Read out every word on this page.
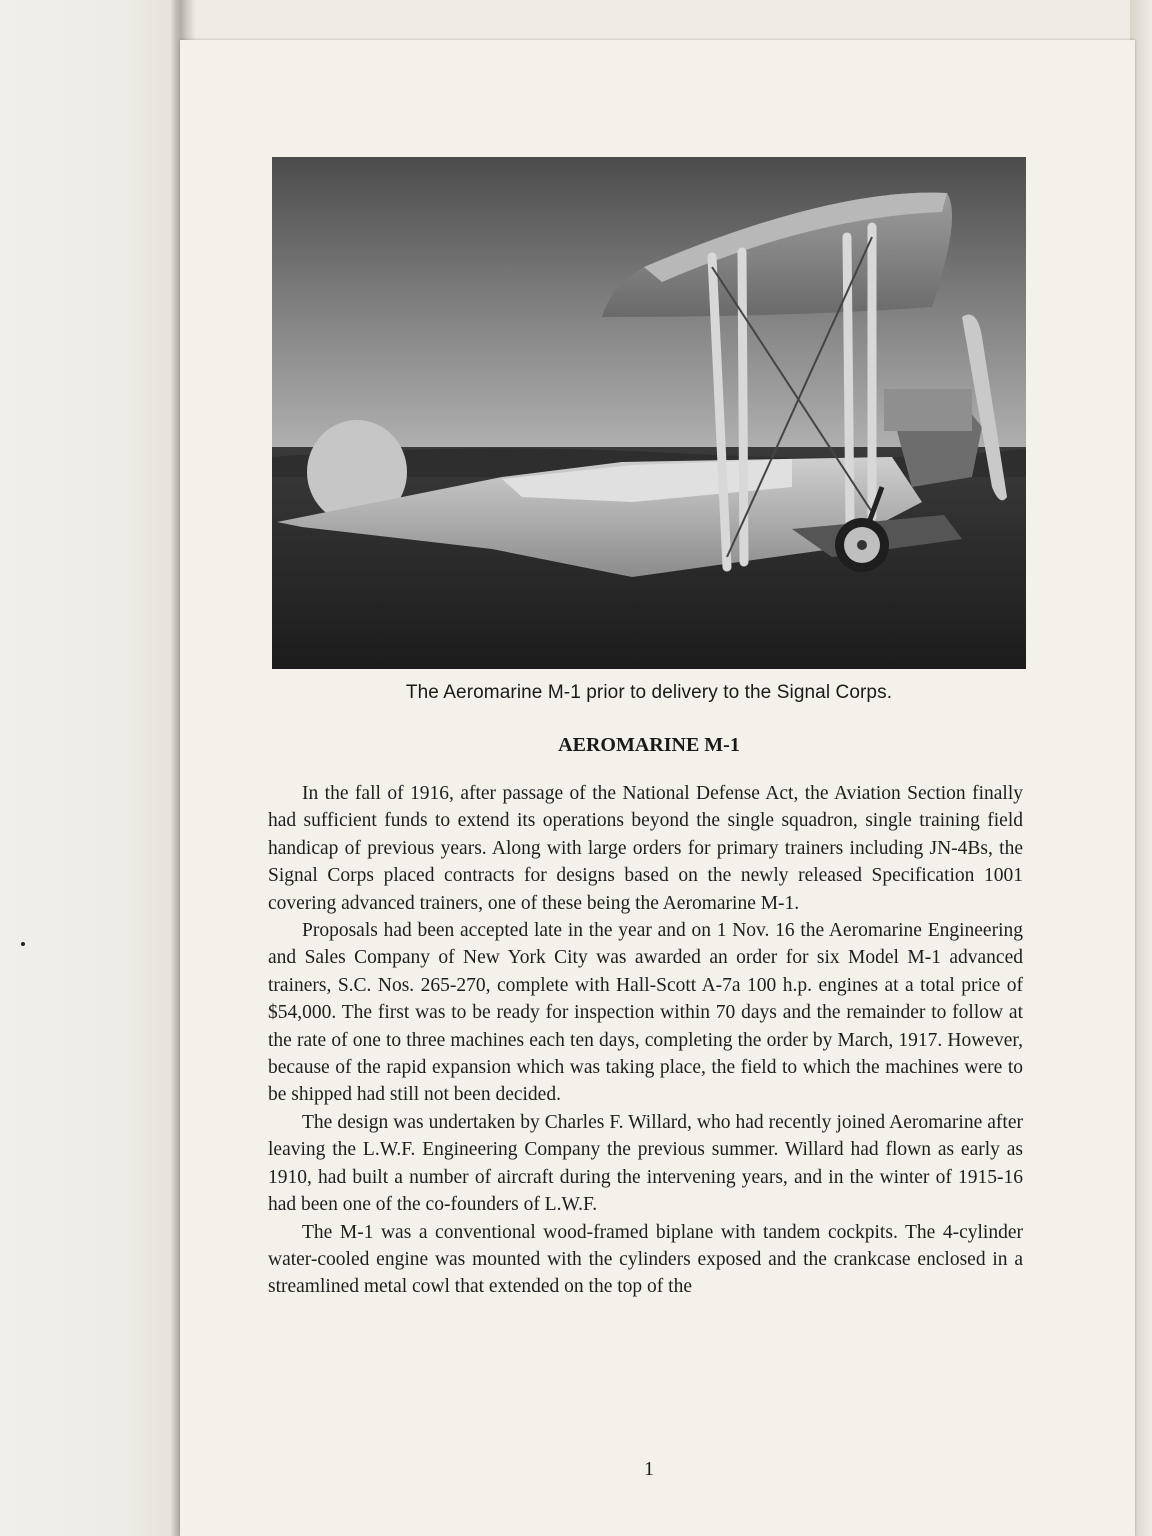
The Aeromarine M-1 prior to delivery to the Signal Corps.
AEROMARINE M-1

In the fall of 1916, after passage of the National Defense Act, the Aviation Section finally had sufficient funds to extend its operations beyond the single squadron, single training field handicap of previous years. Along with large orders for primary trainers including JN-4Bs, the Signal Corps placed contracts for designs based on the newly released Specification 1001 covering advanced trainers, one of these being the Aeromarine M-1.

Proposals had been accepted late in the year and on 1 Nov. 16 the Aeromarine Engineering and Sales Company of New York City was awarded an order for six Model M-1 advanced trainers, S.C. Nos. 265-270, complete with Hall-Scott A-7a 100 h.p. engines at a total price of $54,000. The first was to be ready for inspection within 70 days and the remainder to follow at the rate of one to three machines each ten days, completing the order by March, 1917. However, because of the rapid expansion which was taking place, the field to which the machines were to be shipped had still not been decided.

The design was undertaken by Charles F. Willard, who had recently joined Aeromarine after leaving the L.W.F. Engineering Company the previous summer. Willard had flown as early as 1910, had built a number of aircraft during the intervening years, and in the winter of 1915-16 had been one of the co-founders of L.W.F.

The M-1 was a conventional wood-framed biplane with tandem cockpits. The 4-cylinder water-cooled engine was mounted with the cylinders exposed and the crankcase enclosed in a streamlined metal cowl that extended on the top of the

1
